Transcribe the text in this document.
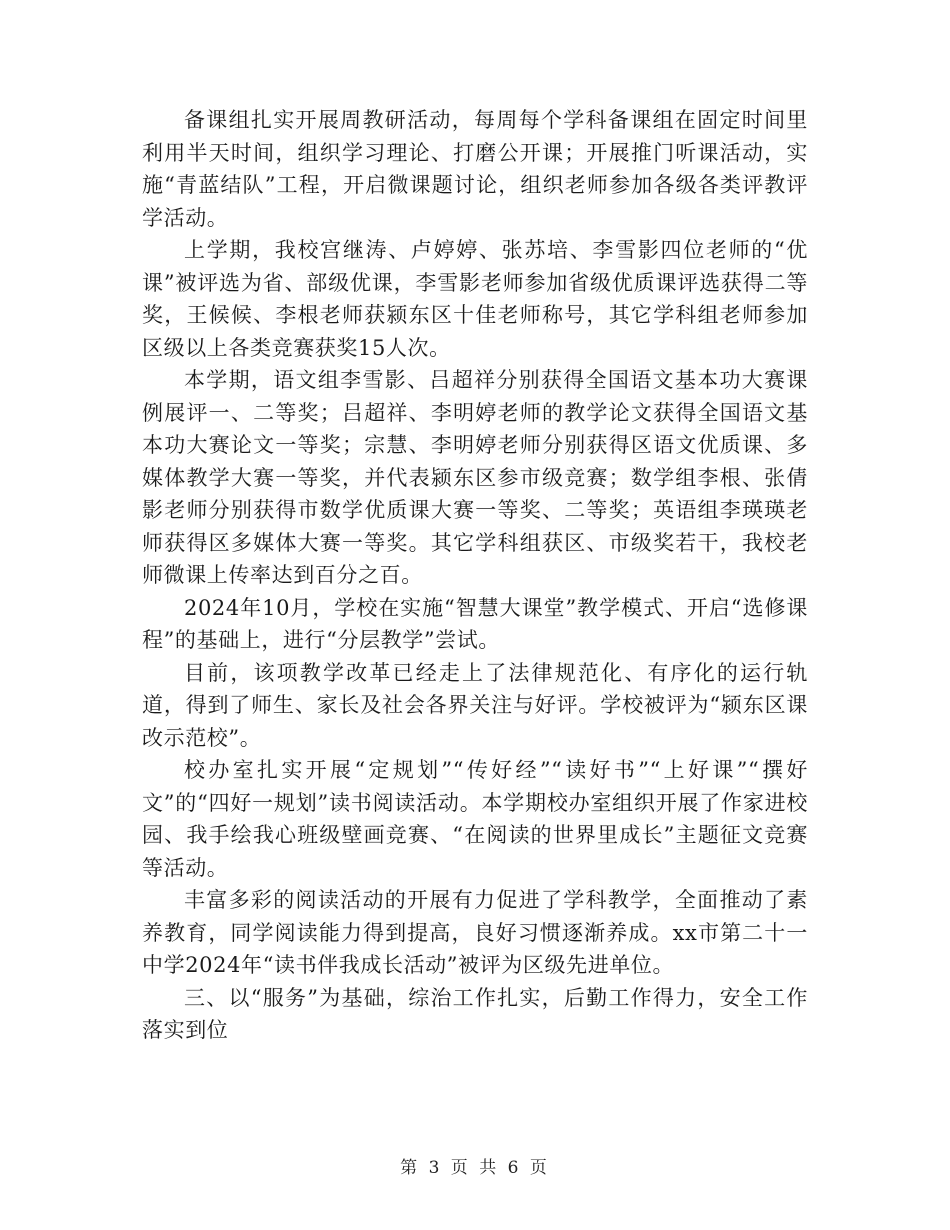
备课组扎实开展周教研活动，每周每个学科备课组在固定时间里利用半天时间，组织学习理论、打磨公开课；开展推门听课活动，实施“青蓝结队”工程，开启微课题讨论，组织老师参加各级各类评教评学活动。

上学期，我校宫继涛、卢婷婷、张苏培、李雪影四位老师的“优课”被评选为省、部级优课，李雪影老师参加省级优质课评选获得二等奖，王候候、李根老师获颍东区十佳老师称号，其它学科组老师参加区级以上各类竞赛获奖15人次。

本学期，语文组李雪影、吕超祥分别获得全国语文基本功大赛课例展评一、二等奖；吕超祥、李明婷老师的教学论文获得全国语文基本功大赛论文一等奖；宗慧、李明婷老师分别获得区语文优质课、多媒体教学大赛一等奖，并代表颍东区参市级竞赛；数学组李根、张倩影老师分别获得市数学优质课大赛一等奖、二等奖；英语组李瑛瑛老师获得区多媒体大赛一等奖。其它学科组获区、市级奖若干，我校老师微课上传率达到百分之百。

2024年10月，学校在实施“智慧大课堂”教学模式、开启“选修课程”的基础上，进行“分层教学”尝试。

目前，该项教学改革已经走上了法律规范化、有序化的运行轨道，得到了师生、家长及社会各界关注与好评。学校被评为“颍东区课改示范校”。

校办室扎实开展“定规划”“传好经”“读好书”“上好课”“撰好文”的“四好一规划”读书阅读活动。本学期校办室组织开展了作家进校园、我手绘我心班级壁画竞赛、“在阅读的世界里成长”主题征文竞赛等活动。

丰富多彩的阅读活动的开展有力促进了学科教学，全面推动了素养教育，同学阅读能力得到提高，良好习惯逐渐养成。xx市第二十一中学2024年“读书伴我成长活动”被评为区级先进单位。

三、以“服务”为基础，综治工作扎实，后勤工作得力，安全工作落实到位

第 3 页 共 6 页
